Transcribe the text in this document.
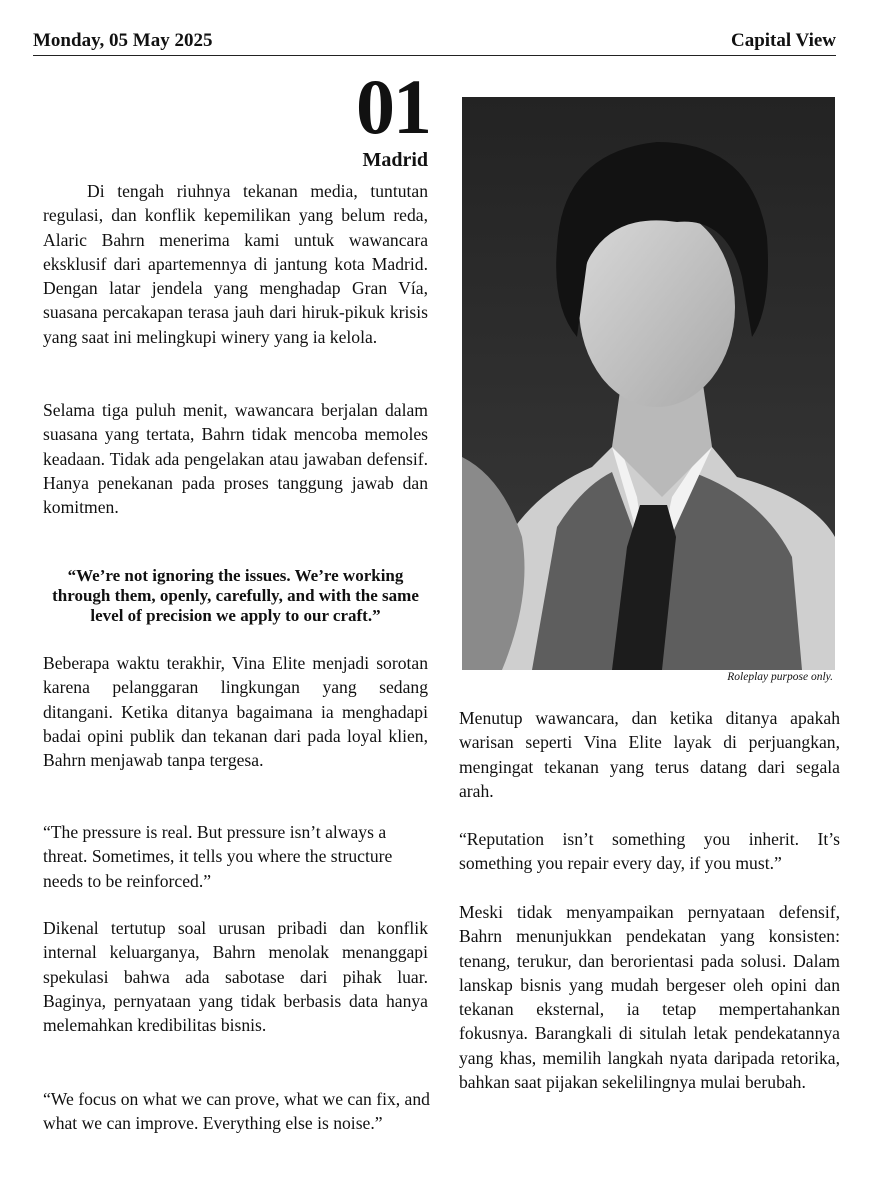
Monday, 05 May 2025	Capital View
01
Madrid

Di tengah riuhnya tekanan media, tuntutan regulasi, dan konflik kepemilikan yang belum reda, Alaric Bahrn menerima kami untuk wawancara eksklusif dari apartemennya di jantung kota Madrid. Dengan latar jendela yang menghadap Gran Vía, suasana percakapan terasa jauh dari hiruk-pikuk krisis yang saat ini melingkupi winery yang ia kelola.

Selama tiga puluh menit, wawancara berjalan dalam suasana yang tertata, Bahrn tidak mencoba memoles keadaan. Tidak ada pengelakan atau jawaban defensif. Hanya penekanan pada proses tanggung jawab dan komitmen.

“We’re not ignoring the issues. We’re working through them, openly, carefully, and with the same level of precision we apply to our craft.”

Beberapa waktu terakhir, Vina Elite menjadi sorotan karena pelanggaran lingkungan yang sedang ditangani. Ketika ditanya bagaimana ia menghadapi badai opini publik dan tekanan dari pada loyal klien, Bahrn menjawab tanpa tergesa.

“The pressure is real. But pressure isn’t always a threat. Sometimes, it tells you where the structure needs to be reinforced.”

Dikenal tertutup soal urusan pribadi dan konflik internal keluarganya, Bahrn menolak menanggapi spekulasi bahwa ada sabotase dari pihak luar. Baginya, pernyataan yang tidak berbasis data hanya melemahkan kredibilitas bisnis.

“We focus on what we can prove, what we can fix, and what we can improve. Everything else is noise.”

Roleplay purpose only.

Menutup wawancara, dan ketika ditanya apakah warisan seperti Vina Elite layak di perjuangkan, mengingat tekanan yang terus datang dari segala arah.

“Reputation isn’t something you inherit. It’s something you repair every day, if you must.”

Meski tidak menyampaikan pernyataan defensif, Bahrn menunjukkan pendekatan yang konsisten: tenang, terukur, dan berorientasi pada solusi. Dalam lanskap bisnis yang mudah bergeser oleh opini dan tekanan eksternal, ia tetap mempertahankan fokusnya. Barangkali di situlah letak pendekatannya yang khas, memilih langkah nyata daripada retorika, bahkan saat pijakan sekelilingnya mulai berubah.
